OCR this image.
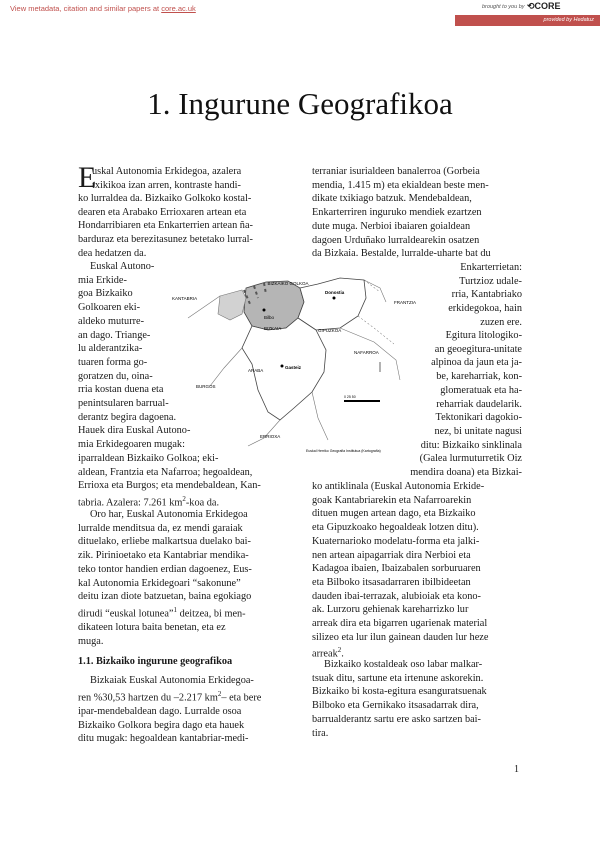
View metadata, citation and similar papers at core.ac.uk	brought to you by ⟲CORE
provided by Hedatuz
1. Ingurune Geografikoa

uskal Autonomia Erkidegoa, azalera
txikikoa izan arren, kontraste handi-

E

ko lurraldea da. Bizkaiko Golkoko kostal-
dearen eta Arabako Errioxaren artean eta
Hondarribiaren eta Enkarterrien artean ña-
barduraz eta berezitasunez betetako lurral-
dea hedatzen da.

Euskal Autono-
mia Erkide-
goa Bizkaiko
Golkoaren eki-
aldeko muturre-
an dago. Triange-
lu alderantzika-
tuaren forma go-
goratzen du, oina-
rria kostan duena eta
penintsularen barrual-
derantz begira dagoena.
Hauek dira Euskal Autono-
mia Erkidegoaren mugak:

iparraldean Bizkaiko Golkoa; eki-
aldean, Frantzia eta Nafarroa; hegoaldean,
Errioxa eta Burgos; eta mendebaldean, Kan-
tabria. Azalera: 7.261 $km^2$-koa da.

Oro har, Euskal Autonomia Erkidegoa
lurralde menditsua da, ez mendi garaiak
dituelako, erliebe malkartsua duelako bai-
zik. Pirinioetako eta Kantabriar mendika-
teko tontor handien erdian dagoenez, Eus-
kal Autonomia Erkidegoari “sakonune”
deitu izan diote batzuetan, baina egokiago
dirudi “euskal lotunea”$^1$ deitzea, bi men-
dikateen lotura baita benetan, eta ez
muga.

1.1. Bizkaiko ingurune geografikoa

Bizkaiak Euskal Autonomia Erkidegoa-
ren %30,53 hartzen du –2.217 $km^2-$ eta bere
ipar-mendebaldean dago. Lurralde osoa
Bizkaiko Golkora begira dago eta hauek
ditu mugak: hegoaldean kantabriar-medi-

terraniar isurialdeen banalerroa (Gorbeia
mendia, 1.415 m) eta ekialdean beste men-
dikate txikiago batzuk. Mendebaldean,
Enkarterriren inguruko mendiek ezartzen
dute muga. Nerbioi ibaiaren goialdean
dagoen Urduñako lurraldearekin osatzen
da Bizkaia. Bestalde, lurralde-uharte bat du

Enkarterrietan:
Turtzioz udale-
rria, Kantabriako
erkidegokoa, hain
zuzen ere.

Egitura litologiko-
an geoegitura-unitate
alpinoa da jaun eta ja-
be, kareharriak, kon-
glomeratuak eta ha-
reharriak daudelarik.
Tektonikari dagokio-
nez, bi unitate nagusi
ditu: Bizkaiko sinklinala
(Galea lurmuturretik Oiz
mendira doana) eta Bizkai-

ko antiklinala (Euskal Autonomia Erkide-
goak Kantabriarekin eta Nafarroarekin
dituen mugen artean dago, eta Bizkaiko
eta Gipuzkoako hegoaldeak lotzen ditu).
Kuaternarioko modelatu-forma eta jalki-
nen artean aipagarriak dira Nerbioi eta
Kadagoa ibaien, Ibaizabalen sorburuaren
eta Bilboko itsasadarraren ibilbideetan
dauden ibai-terrazak, alubioiak eta kono-
ak. Lurzoru gehienak kareharrizko lur
arreak dira eta bigarren ugarienak material
silizeo eta lur ilun gainean dauden lur heze
arreak$^2$.

Bizkaiko kostaldeak oso labar malkar-
tsuak ditu, sartune eta irtenune askorekin.
Bizkaiko bi kosta-egitura esanguratsuenak
Bilboko eta Gernikako itsasadarrak dira,
barrualderantz sartu ere asko sartzen bai-
tira.

BIZKAIKO GOLKOA
KANTABRIA
FRANTZIA
Bilbo
Donostia
BIZKAIA	GIPUZKOA
ARABA
Gasteiz
NAFARROA
BURGOS
ERRIOXA
0 25 50
Euskal Herriko Geografia Institutua (Kartografia)
1
